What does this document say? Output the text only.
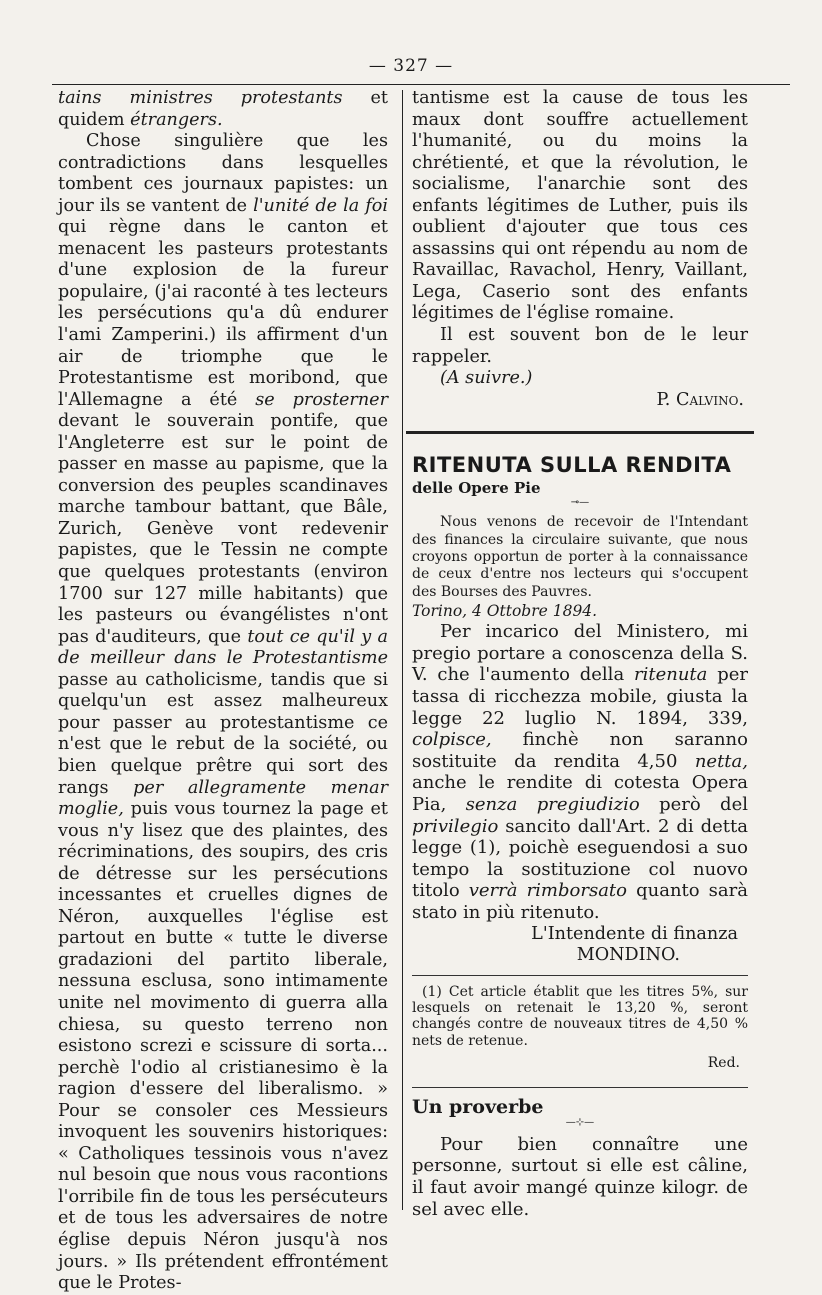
— 327 —

tains ministres protestants et quidem étrangers.

Chose singulière que les contradictions dans lesquelles tombent ces journaux papistes: un jour ils se vantent de l'unité de la foi qui règne dans le canton et menacent les pasteurs protestants d'une explosion de la fureur populaire, (j'ai raconté à tes lecteurs les persécutions qu'a dû endurer l'ami Zamperini.) ils affirment d'un air de triomphe que le Protestantisme est moribond, que l'Allemagne a été se prosterner devant le souverain pontife, que l'Angleterre est sur le point de passer en masse au papisme, que la conversion des peuples scandinaves marche tambour battant, que Bâle, Zurich, Genève vont redevenir papistes, que le Tessin ne compte que quelques protestants (environ 1700 sur 127 mille habitants) que les pasteurs ou évangélistes n'ont pas d'auditeurs, que tout ce qu'il y a de meilleur dans le Protestantisme passe au catholicisme, tandis que si quelqu'un est assez malheureux pour passer au protestantisme ce n'est que le rebut de la société, ou bien quelque prêtre qui sort des rangs per allegramente menar moglie, puis vous tournez la page et vous n'y lisez que des plaintes, des récriminations, des soupirs, des cris de détresse sur les persécutions incessantes et cruelles dignes de Néron, auxquelles l'église est partout en butte « tutte le diverse gradazioni del partito liberale, nessuna esclusa, sono intimamente unite nel movimento di guerra alla chiesa, su questo terreno non esistono screzi e scissure di sorta... perchè l'odio al cristianesimo è la ragion d'essere del liberalismo. » Pour se consoler ces Messieurs invoquent les souvenirs historiques: « Catholiques tessinois vous n'avez nul besoin que nous vous racontions l'orribile fin de tous les persécuteurs et de tous les adversaires de notre église depuis Néron jusqu'à nos jours. » Ils prétendent effrontément que le Protes-

tantisme est la cause de tous les maux dont souffre actuellement l'humanité, ou du moins la chrétienté, et que la révolution, le socialisme, l'anarchie sont des enfants légitimes de Luther, puis ils oublient d'ajouter que tous ces assassins qui ont répendu au nom de Ravaillac, Ravachol, Henry, Vaillant, Lega, Caserio sont des enfants légitimes de l'église romaine.

Il est souvent bon de le leur rappeler.

(A suivre.)
P. Calvino.

RITENUTA SULLA RENDITA

delle Opere Pie

⊸—

Nous venons de recevoir de l'Intendant des finances la circulaire suivante, que nous croyons opportun de porter à la connaissance de ceux d'entre nos lecteurs qui s'occupent des Bourses des Pauvres.

Torino, 4 Ottobre 1894.

Per incarico del Ministero, mi pregio portare a conoscenza della S. V. che l'aumento della ritenuta per tassa di ricchezza mobile, giusta la legge 22 luglio N. 1894, 339, colpisce, finchè non saranno sostituite da rendita 4,50 netta, anche le rendite di cotesta Opera Pia, senza pregiudizio però del privilegio sancito dall'Art. 2 di detta legge (1), poichè eseguendosi a suo tempo la sostituzione col nuovo titolo verrà rimborsato quanto sarà stato in più ritenuto.

L'Intendente di finanza
MONDINO.

(1) Cet article établit que les titres 5%, sur lesquels on retenait le 13,20 %, seront changés contre de nouveaux titres de 4,50 % nets de retenue.

Red.

Un proverbe

—⊹—

Pour bien connaître une personne, surtout si elle est câline, il faut avoir mangé quinze kilogr. de sel avec elle.
